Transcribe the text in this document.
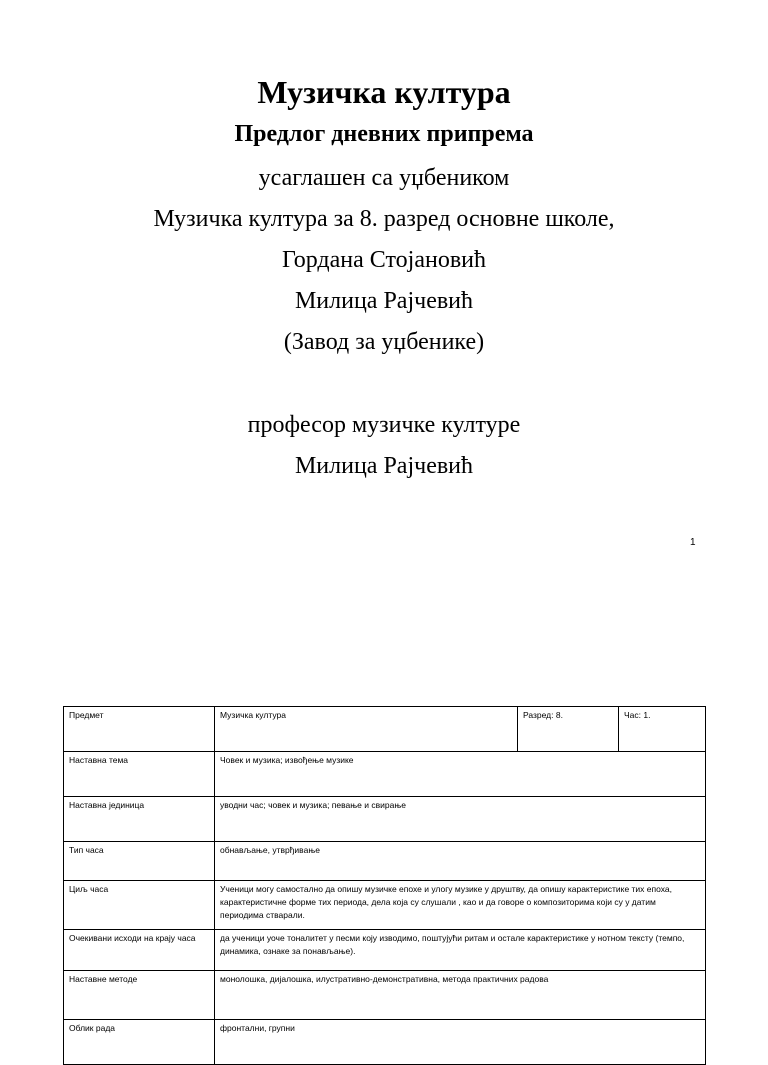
Музичка култура
Предлог дневних припрема
усаглашен са уџбеником
Музичка култура за 8. разред основне школе,
Гордана Стојановић
Милица Рајчевић
(Завод за уџбенике)
професор музичке културе
Милица Рајчевић
1
Предмет	Музичка култура	Разред: 8.	Час: 1.
Наставна тема	Човек и музика; извођење музике		
Наставна јединица	уводни час; човек и музика; певање и свирање		
Тип часа	обнављање, утврђивање		
Циљ часа	Ученици могу самостално да опишу музичке епохе и улогу музике у друштву, да опишу карактеристике тих епоха, карактеристичне форме тих периода, дела која су слушали , као и да говоре о композиторима који су у датим периодима стварали.		
Очекивани исходи на крају часа	да ученици уоче тоналитет у песми коју изводимо, поштујући ритам и остале карактеристике у нотном тексту (темпо, динамика, ознаке за понављање).		
Наставне методе	монолошка, дијалошка, илустративно-демонстративна, метода практичних радова		
Облик рада	фронтални, групни		
